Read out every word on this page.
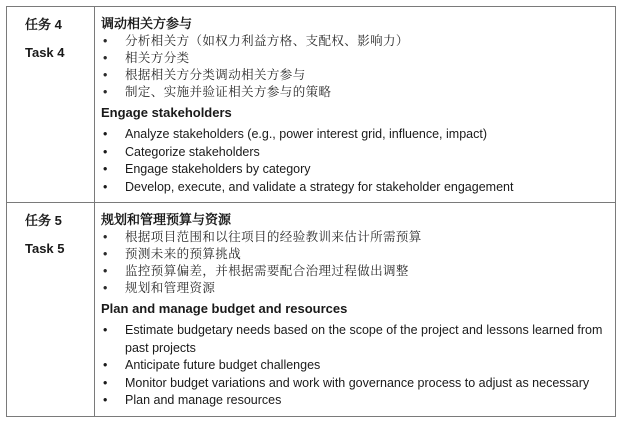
任务 4
Task 4
调动相关方参与
• 分析相关方（如权力利益方格、支配权、影响力）
• 相关方分类
• 根据相关方分类调动相关方参与
• 制定、实施并验证相关方参与的策略
Engage stakeholders
• Analyze stakeholders (e.g., power interest grid, influence, impact)
• Categorize stakeholders
• Engage stakeholders by category
• Develop, execute, and validate a strategy for stakeholder engagement
任务 5
Task 5
规划和管理预算与资源
• 根据项目范围和以往项目的经验教训来估计所需预算
• 预测未来的预算挑战
• 监控预算偏差，并根据需要配合治理过程做出调整
• 规划和管理资源
Plan and manage budget and resources
• Estimate budgetary needs based on the scope of the project and lessons learned from past projects
• Anticipate future budget challenges
• Monitor budget variations and work with governance process to adjust as necessary
• Plan and manage resources
